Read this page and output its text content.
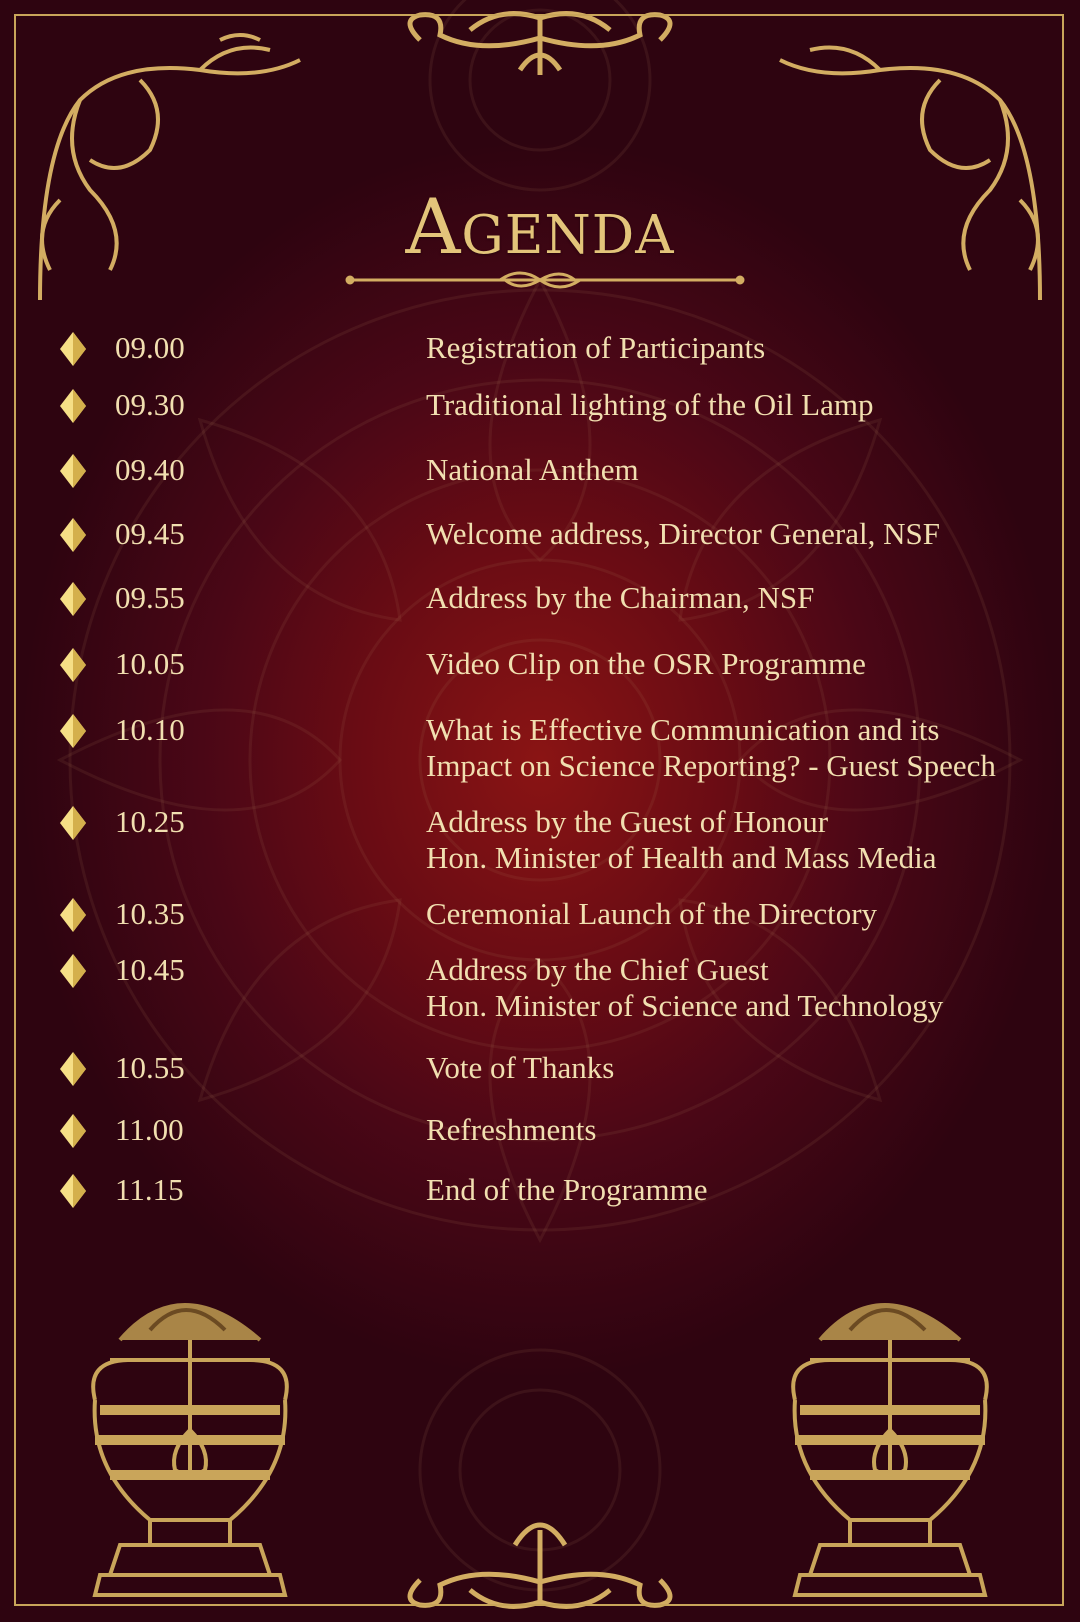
Agenda
09.00	Registration of Participants
09.30	Traditional lighting of the Oil Lamp
09.40	National Anthem
09.45	Welcome address, Director General, NSF
09.55	Address by the Chairman, NSF
10.05	Video Clip on the OSR Programme
10.10	What is Effective Communication and its
Impact on Science Reporting? - Guest Speech
10.25	Address by the Guest of Honour
Hon. Minister of Health and Mass Media
10.35	Ceremonial Launch of the Directory
10.45	Address by the Chief Guest
Hon. Minister of Science and Technology
10.55	Vote of Thanks
11.00	Refreshments
11.15	End of the Programme
